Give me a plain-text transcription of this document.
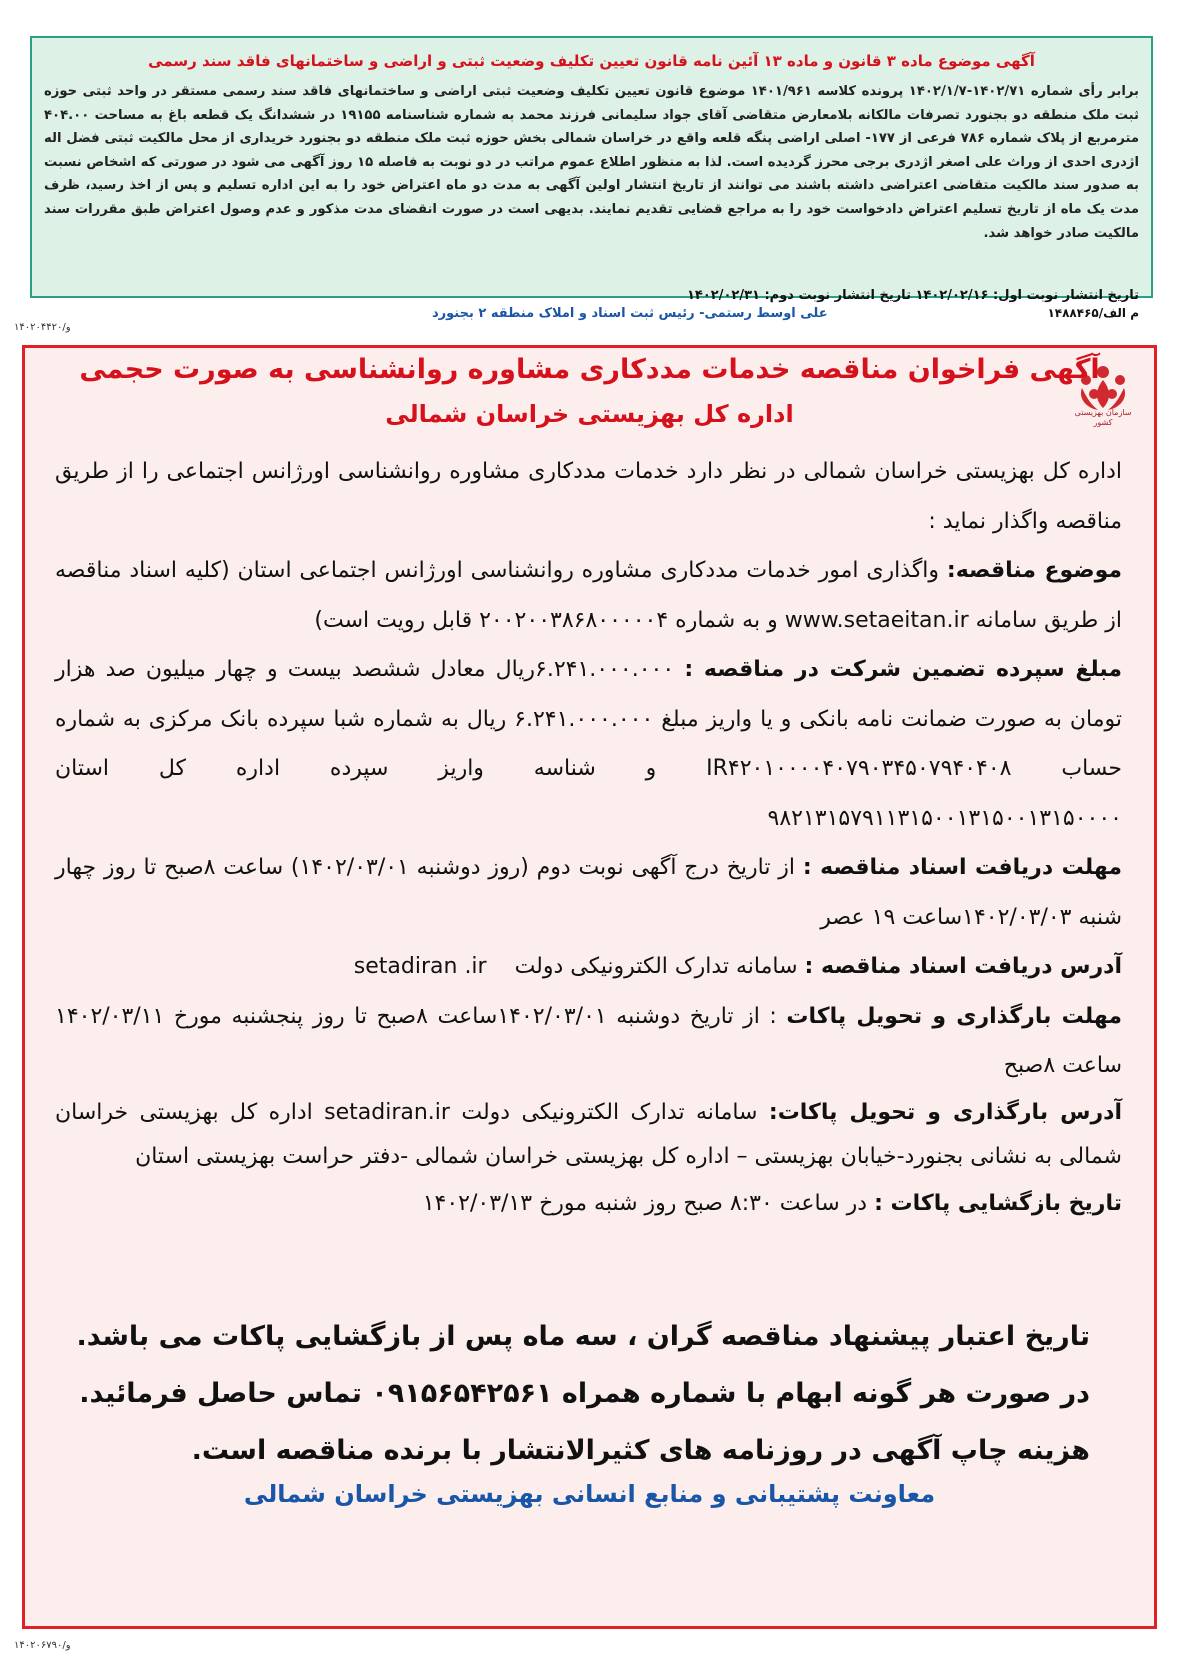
آگهی موضوع ماده ۳ قانون و ماده ۱۳ آئین نامه قانون تعیین تکلیف وضعیت ثبتی و اراضی و ساختمانهای فاقد سند رسمی
برابر رأی شماره ۱۴۰۲/۷۱-۱۴۰۲/۱/۷ پرونده کلاسه ۱۴۰۱/۹۶۱ موضوع قانون تعیین تکلیف وضعیت ثبتی اراضی و ساختمانهای فاقد سند رسمی مستقر در واحد ثبتی حوزه ثبت ملک منطقه دو بجنورد تصرفات مالکانه بلامعارض متقاضی آقای جواد سلیمانی فرزند محمد به شماره شناسنامه ۱۹۱۵۵ در ششدانگ یک قطعه باغ به مساحت ۴۰۴.۰۰ مترمربع از پلاک شماره ۷۸۶ فرعی از ۱۷۷- اصلی اراضی پنگه قلعه واقع در خراسان شمالی بخش حوزه ثبت ملک منطقه دو بجنورد خریداری از محل مالکیت ثبتی فضل اله اژدری احدی از وراث علی اصغر اژدری برجی محرز گردیده است. لذا به منظور اطلاع عموم مراتب در دو نوبت به فاصله ۱۵ روز آگهی می شود در صورتی که اشخاص نسبت به صدور سند مالکیت متقاضی اعتراضی داشته باشند می توانند از تاریخ انتشار اولین آگهی به مدت دو ماه اعتراض خود را به این اداره تسلیم و پس از اخذ رسید، ظرف مدت یک ماه از تاریخ تسلیم اعتراض دادخواست خود را به مراجع قضایی تقدیم نمایند. بدیهی است در صورت انقضای مدت مذکور و عدم وصول اعتراض طبق مقررات سند مالکیت صادر خواهد شد.
تاریخ انتشار نوبت اول: ۱۴۰۲/۰۲/۱۶ تاریخ انتشار نوبت دوم: ۱۴۰۲/۰۲/۳۱
م الف/۱۴۸۸۴۶۵
علی اوسط رستمی- رئیس ثبت اسناد و املاک منطقه ۲ بجنورد
۱۴۰۲۰۴۴۲۰/و
سازمان بهزیستی کشور
آگهی فراخوان مناقصه خدمات مددکاری مشاوره روانشناسی به صورت حجمی
اداره کل بهزیستی خراسان شمالی

اداره کل بهزیستی خراسان شمالی در نظر دارد خدمات مددکاری مشاوره روانشناسی اورژانس اجتماعی را از طریق مناقصه واگذار نماید :

موضوع مناقصه: واگذاری امور خدمات مددکاری مشاوره روانشناسی اورژانس اجتماعی استان (کلیه اسناد مناقصه از طریق سامانه www.setaeitan.ir و به شماره ۲۰۰۲۰۰۳۸۶۸۰۰۰۰۰۴ قابل رویت است)

مبلغ سپرده تضمین شرکت در مناقصه : ۶.۲۴۱.۰۰۰.۰۰۰ریال معادل ششصد بیست و چهار میلیون صد هزار تومان به صورت ضمانت نامه بانکی و یا واریز مبلغ ۶.۲۴۱.۰۰۰.۰۰۰ ریال به شماره شبا سپرده بانک مرکزی به شماره حساب IR۴۲۰۱۰۰۰۰۴۰۷۹۰۳۴۵۰۷۹۴۰۴۰۸ و شناسه واریز سپرده اداره کل استان ۹۸۲۱۳۱۵۷۹۱۱۳۱۵۰۰۱۳۱۵۰۰۱۳۱۵۰۰۰۰

مهلت دریافت اسناد مناقصه : از تاریخ درج آگهی نوبت دوم (روز دوشنبه ۱۴۰۲/۰۳/۰۱) ساعت ۸صبح تا روز چهار شنبه ۱۴۰۲/۰۳/۰۳ساعت ۱۹ عصر

آدرس دریافت اسناد مناقصه : سامانه تدارک الکترونیکی دولت    setadiran .ir

مهلت بارگذاری و تحویل پاکات : از تاریخ دوشنبه ۱۴۰۲/۰۳/۰۱ساعت ۸صبح تا روز پنجشنبه مورخ ۱۴۰۲/۰۳/۱۱ ساعت ۸صبح

آدرس بارگذاری و تحویل پاکات: سامانه تدارک الکترونیکی دولت setadiran.ir اداره کل بهزیستی خراسان شمالی به نشانی بجنورد-خیابان بهزیستی – اداره کل بهزیستی خراسان شمالی -دفتر حراست بهزیستی استان

تاریخ بازگشایی پاکات : در ساعت ۸:۳۰ صبح روز شنبه مورخ ۱۴۰۲/۰۳/۱۳

تاریخ اعتبار پیشنهاد مناقصه گران ، سه ماه پس از بازگشایی پاکات می باشد.

در صورت هر گونه ابهام با شماره همراه ۰۹۱۵۶۵۴۲۵۶۱ تماس حاصل فرمائید.

هزینه چاپ آگهی در روزنامه های کثیرالانتشار با برنده مناقصه است.

معاونت پشتیبانی و منابع انسانی بهزیستی خراسان شمالی
۱۴۰۲۰۶۷۹۰/و
